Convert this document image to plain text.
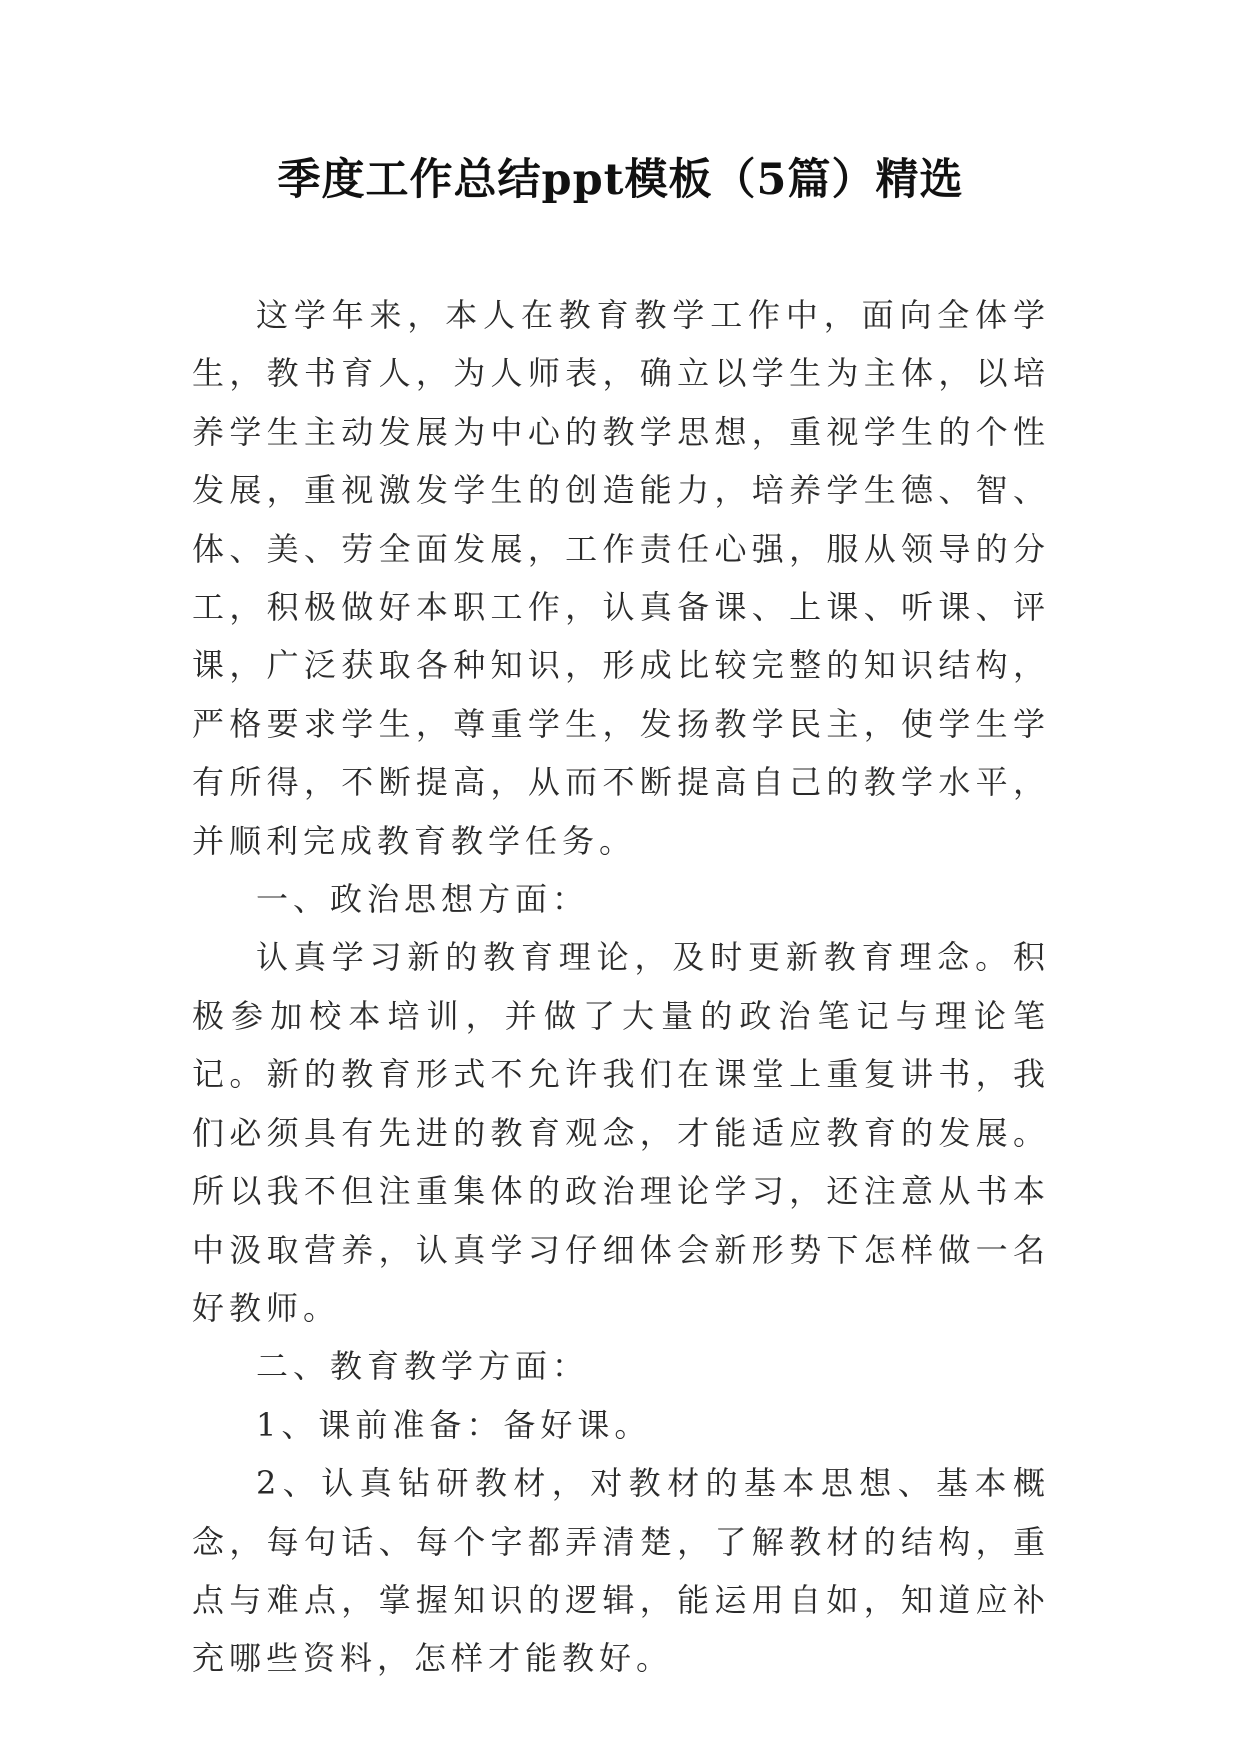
季度工作总结ppt模板（5篇）精选

这学年来，本人在教育教学工作中，面向全体学生，教书育人，为人师表，确立以学生为主体，以培养学生主动发展为中心的教学思想，重视学生的个性发展，重视激发学生的创造能力，培养学生德、智、体、美、劳全面发展，工作责任心强，服从领导的分工，积极做好本职工作，认真备课、上课、听课、评课，广泛获取各种知识，形成比较完整的知识结构，严格要求学生，尊重学生，发扬教学民主，使学生学有所得，不断提高，从而不断提高自己的教学水平，并顺利完成教育教学任务。

一、政治思想方面：

认真学习新的教育理论，及时更新教育理念。积极参加校本培训，并做了大量的政治笔记与理论笔记。新的教育形式不允许我们在课堂上重复讲书，我们必须具有先进的教育观念，才能适应教育的发展。所以我不但注重集体的政治理论学习，还注意从书本中汲取营养，认真学习仔细体会新形势下怎样做一名好教师。

二、教育教学方面：

1、课前准备：备好课。

2、认真钻研教材，对教材的基本思想、基本概念，每句话、每个字都弄清楚，了解教材的结构，重点与难点，掌握知识的逻辑，能运用自如，知道应补充哪些资料，怎样才能教好。
